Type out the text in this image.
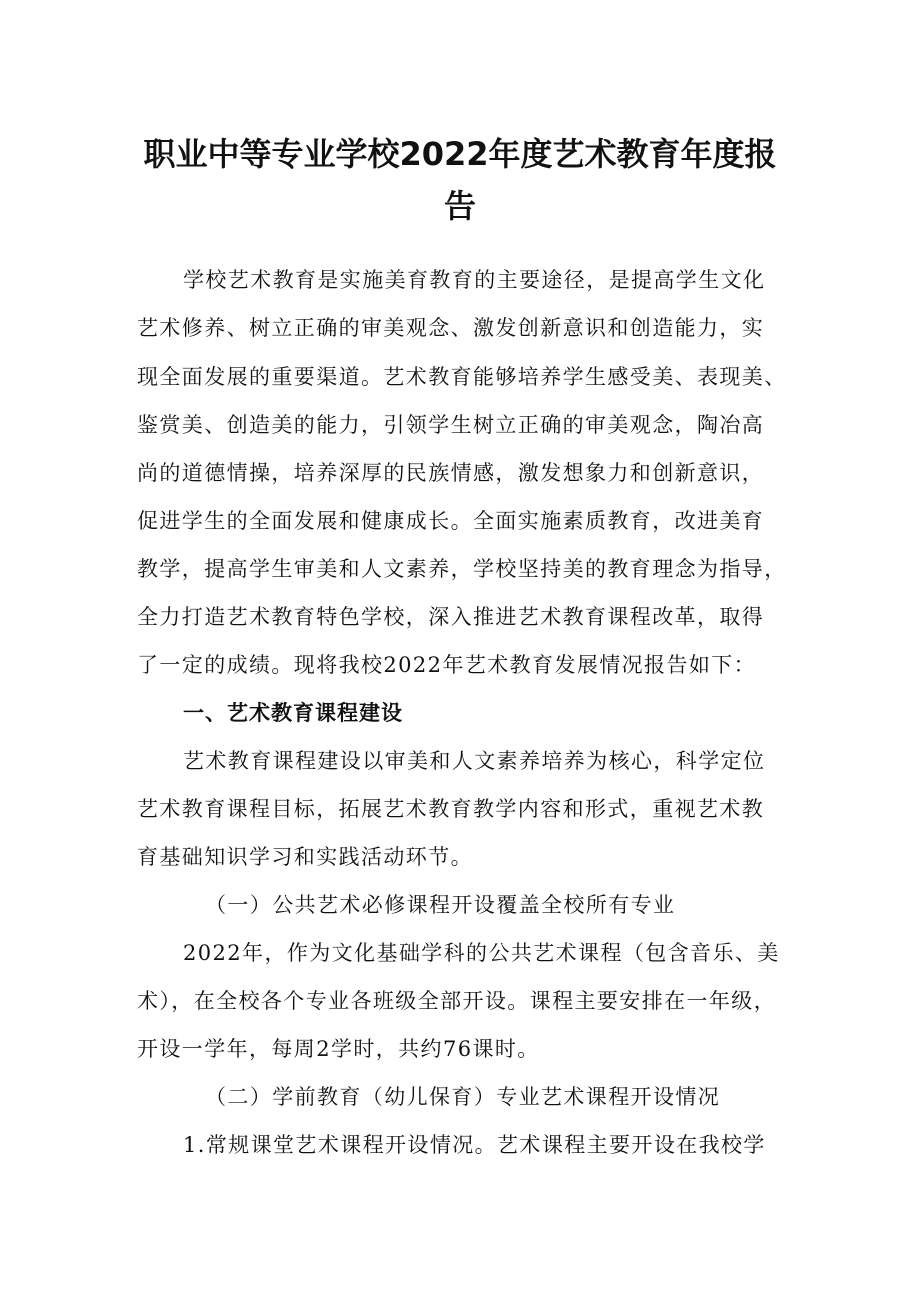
职业中等专业学校2022年度艺术教育年度报
告

学校艺术教育是实施美育教育的主要途径，是提高学生文化

艺术修养、树立正确的审美观念、激发创新意识和创造能力，实

现全面发展的重要渠道。艺术教育能够培养学生感受美、表现美、

鉴赏美、创造美的能力，引领学生树立正确的审美观念，陶冶高

尚的道德情操，培养深厚的民族情感，激发想象力和创新意识，

促进学生的全面发展和健康成长。全面实施素质教育，改进美育

教学，提高学生审美和人文素养，学校坚持美的教育理念为指导，

全力打造艺术教育特色学校，深入推进艺术教育课程改革，取得

了一定的成绩。现将我校2022年艺术教育发展情况报告如下：

一、艺术教育课程建设

艺术教育课程建设以审美和人文素养培养为核心，科学定位

艺术教育课程目标，拓展艺术教育教学内容和形式，重视艺术教

育基础知识学习和实践活动环节。

（一）公共艺术必修课程开设覆盖全校所有专业

2022年，作为文化基础学科的公共艺术课程（包含音乐、美

术），在全校各个专业各班级全部开设。课程主要安排在一年级，

开设一学年，每周2学时，共约76课时。

（二）学前教育（幼儿保育）专业艺术课程开设情况

1.常规课堂艺术课程开设情况。艺术课程主要开设在我校学
